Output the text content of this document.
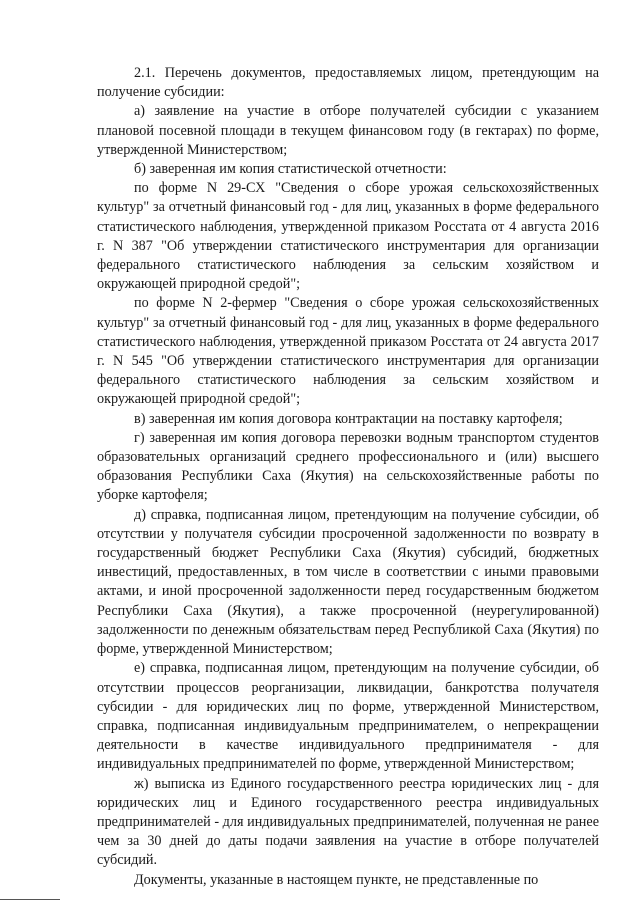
2.1. Перечень документов, предоставляемых лицом, претендующим на получение субсидии:

а) заявление на участие в отборе получателей субсидии с указанием плановой посевной площади в текущем финансовом году (в гектарах) по форме, утвержденной Министерством;

б) заверенная им копия статистической отчетности:

по форме N 29-СХ "Сведения о сборе урожая сельскохозяйственных культур" за отчетный финансовый год - для лиц, указанных в форме федерального статистического наблюдения, утвержденной приказом Росстата от 4 августа 2016 г. N 387 "Об утверждении статистического инструментария для организации федерального статистического наблюдения за сельским хозяйством и окружающей природной средой";

по форме N 2-фермер "Сведения о сборе урожая сельскохозяйственных культур" за отчетный финансовый год - для лиц, указанных в форме федерального статистического наблюдения, утвержденной приказом Росстата от 24 августа 2017 г. N 545 "Об утверждении статистического инструментария для организации федерального статистического наблюдения за сельским хозяйством и окружающей природной средой";

в) заверенная им копия договора контрактации на поставку картофеля;

г) заверенная им копия договора перевозки водным транспортом студентов образовательных организаций среднего профессионального и (или) высшего образования Республики Саха (Якутия) на сельскохозяйственные работы по уборке картофеля;

д) справка, подписанная лицом, претендующим на получение субсидии, об отсутствии у получателя субсидии просроченной задолженности по возврату в государственный бюджет Республики Саха (Якутия) субсидий, бюджетных инвестиций, предоставленных, в том числе в соответствии с иными правовыми актами, и иной просроченной задолженности перед государственным бюджетом Республики Саха (Якутия), а также просроченной (неурегулированной) задолженности по денежным обязательствам перед Республикой Саха (Якутия) по форме, утвержденной Министерством;

е) справка, подписанная лицом, претендующим на получение субсидии, об отсутствии процессов реорганизации, ликвидации, банкротства получателя субсидии - для юридических лиц по форме, утвержденной Министерством, справка, подписанная индивидуальным предпринимателем, о непрекращении деятельности в качестве индивидуального предпринимателя - для индивидуальных предпринимателей по форме, утвержденной Министерством;

ж) выписка из Единого государственного реестра юридических лиц - для юридических лиц и Единого государственного реестра индивидуальных предпринимателей - для индивидуальных предпринимателей, полученная не ранее чем за 30 дней до даты подачи заявления на участие в отборе получателей субсидий.

Документы, указанные в настоящем пункте, не представленные по
